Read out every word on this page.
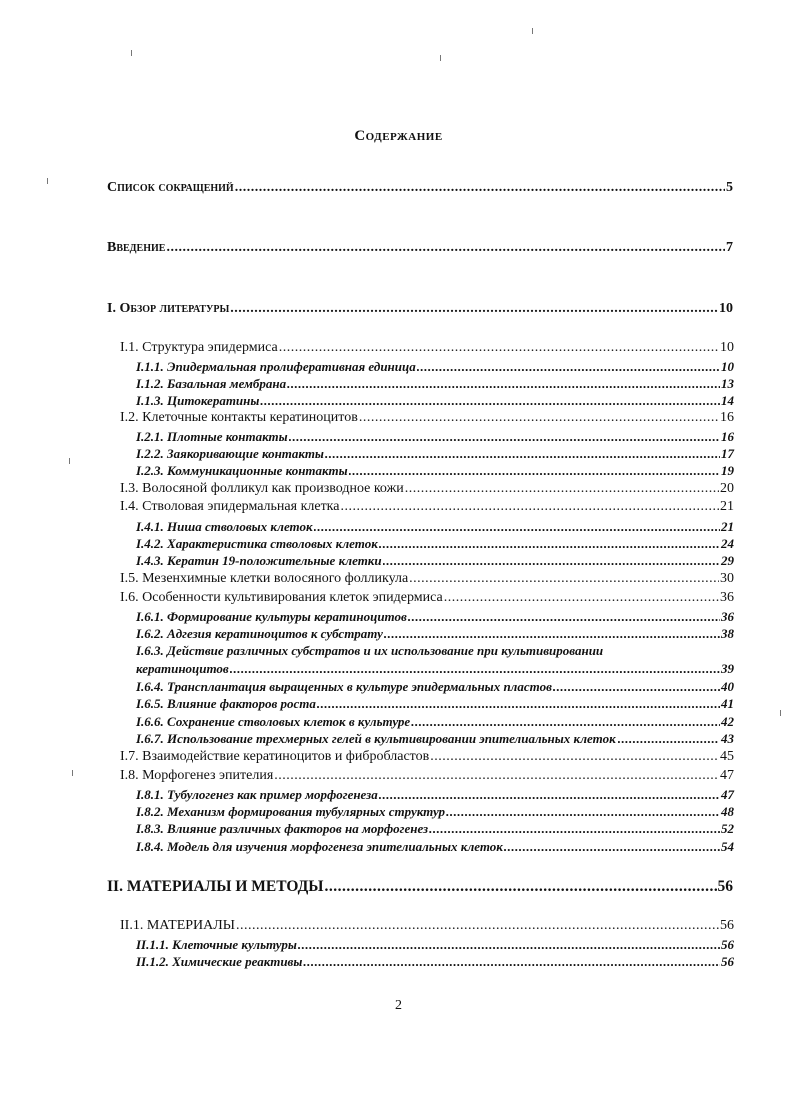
Содержание
Список сокращений .....	5
Введение .....	7
I. Обзор литературы .....	10
I.1. Структура эпидермиса .....	10
I.1.1. Эпидермальная пролиферативная единица .....	10
I.1.2. Базальная мембрана .....	13
I.1.3. Цитокератины .....	14
I.2. Клеточные контакты кератиноцитов .....	16
I.2.1. Плотные контакты .....	16
I.2.2. Заякоривающие контакты .....	17
I.2.3. Коммуникационные контакты .....	19
I.3. Волосяной фолликул как производное кожи .....	20
I.4. Стволовая эпидермальная клетка .....	21
I.4.1. Ниша стволовых клеток .....	21
I.4.2. Характеристика стволовых клеток .....	24
I.4.3. Кератин 19-положительные клетки .....	29
I.5. Мезенхимные клетки волосяного фолликула .....	30
I.6. Особенности культивирования клеток эпидермиса .....	36
I.6.1. Формирование культуры кератиноцитов .....	36
I.6.2. Адгезия кератиноцитов к субстрату .....	38
I.6.3. Действие различных субстратов и их использование при культивировании
кератиноцитов .....	39
I.6.4. Трансплантация выращенных в культуре эпидермальных пластов .....	40
I.6.5. Влияние факторов роста .....	41
I.6.6. Сохранение стволовых клеток в культуре .....	42
I.6.7. Использование трехмерных гелей в культивировании эпителиальных клеток .....	43
I.7. Взаимодействие кератиноцитов и фибробластов .....	45
I.8. Морфогенез эпителия .....	47
I.8.1. Тубулогенез как пример морфогенеза .....	47
I.8.2. Механизм формирования тубулярных структур .....	48
I.8.3. Влияние различных факторов на морфогенез .....	52
I.8.4. Модель для изучения морфогенеза эпителиальных клеток .....	54
II. МАТЕРИАЛЫ И МЕТОДЫ .....	56
II.1. МАТЕРИАЛЫ .....	56
II.1.1. Клеточные культуры .....	56
II.1.2. Химические реактивы .....	56
2
